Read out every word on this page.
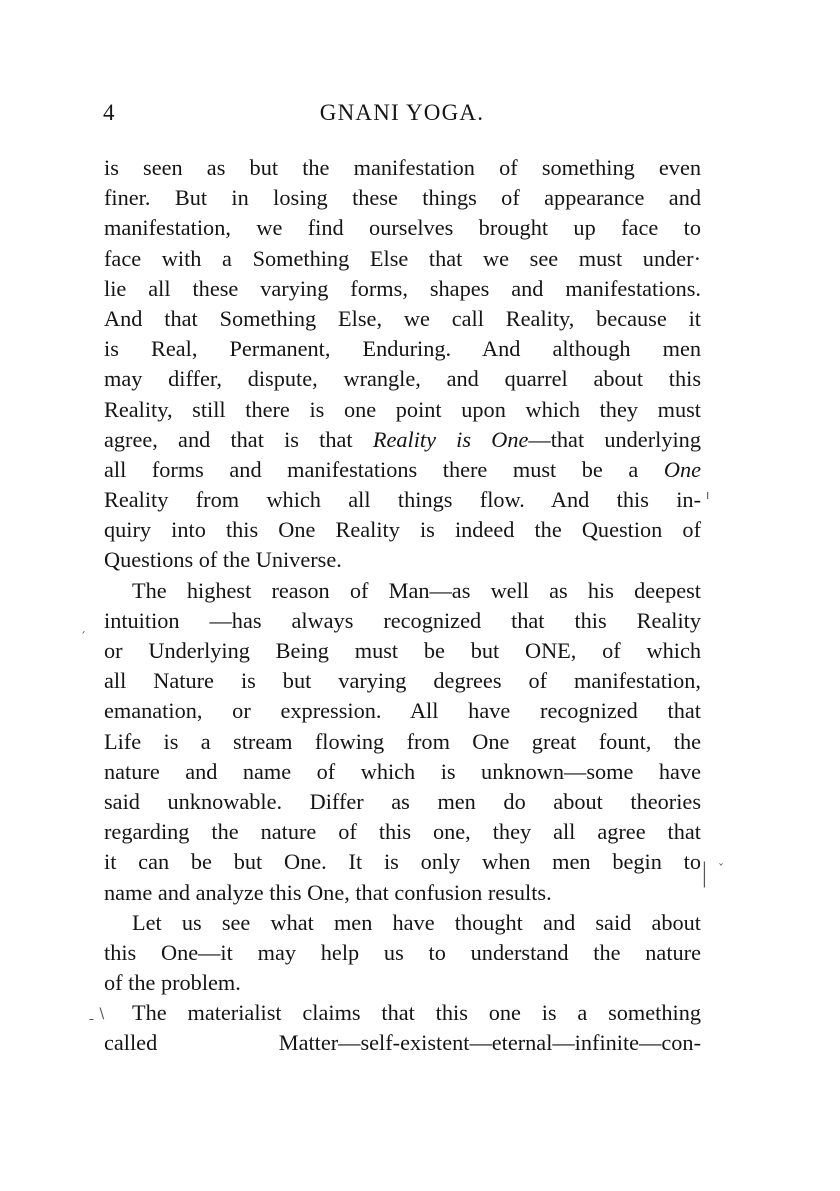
4	GNANI YOGA.
is seen as but the manifestation of something even
finer. But in losing these things of appearance and
manifestation, we find ourselves brought up face to
face with a Something Else that we see must under·
lie all these varying forms, shapes and manifestations.
And that Something Else, we call Reality, because it
is Real, Permanent, Enduring. And although men
may differ, dispute, wrangle, and quarrel about this
Reality, still there is one point upon which they must
agree, and that is that Reality is One—that underlying
all forms and manifestations there must be a One
Reality from which all things flow. And this in-
quiry into this One Reality is indeed the Question of
Questions of the Universe.
The highest reason of Man—as well as his deepest
intuition —has always recognized that this Reality
or Underlying Being must be but ONE, of which
all Nature is but varying degrees of manifestation,
emanation, or expression. All have recognized that
Life is a stream flowing from One great fount, the
nature and name of which is unknown—some have
said unknowable. Differ as men do about theories
regarding the nature of this one, they all agree that
it can be but One. It is only when men begin to
name and analyze this One, that confusion results.
Let us see what men have thought and said about
this One—it may help us to understand the nature
of the problem.
The materialist claims that this one is a something
called Matter—self-existent—eternal—infinite—con-
ı
ˊ
| ˇ
ˍ \
